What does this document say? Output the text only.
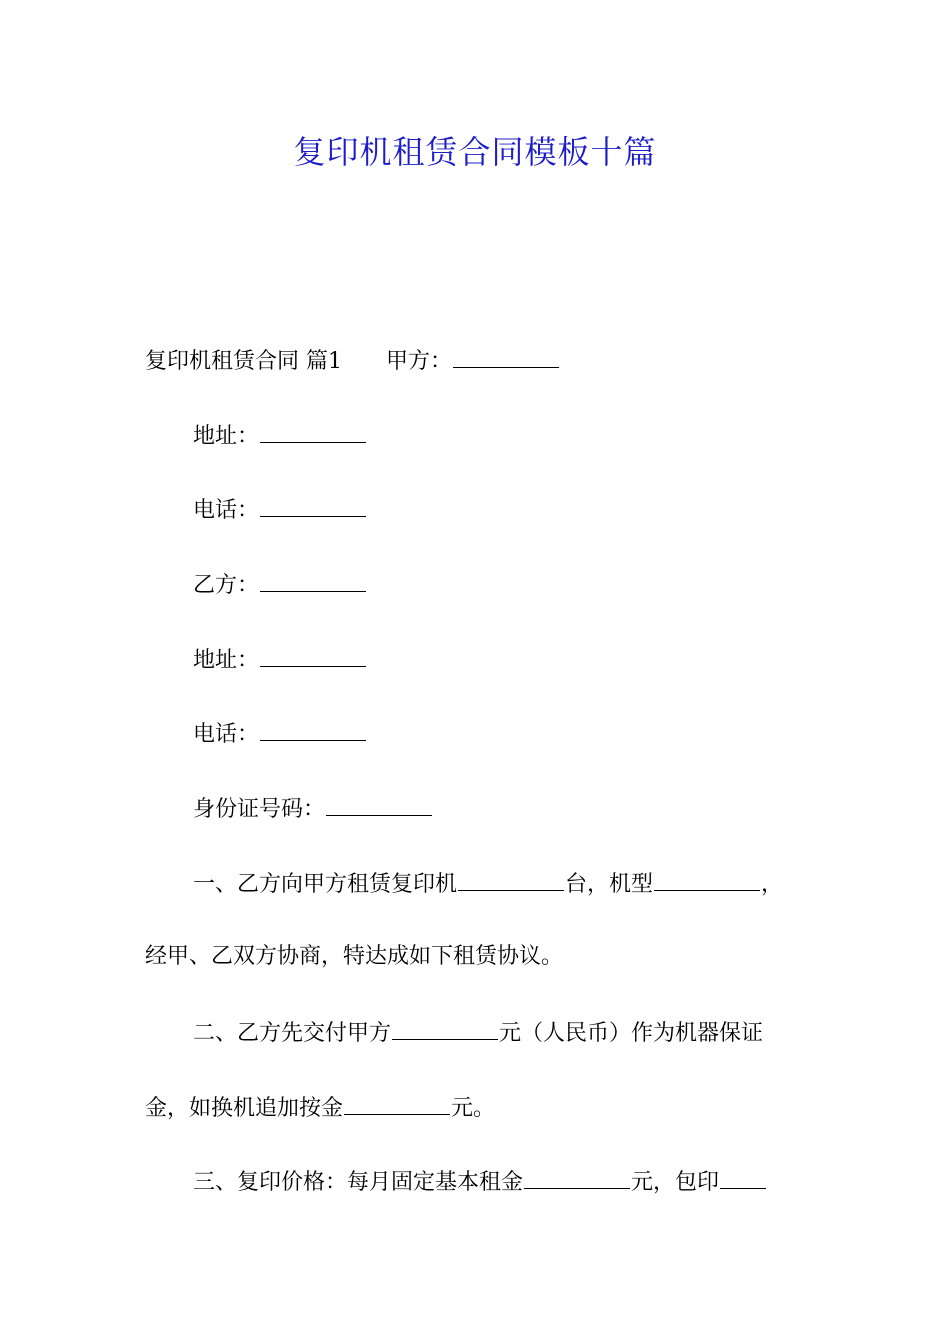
复印机租赁合同模板十篇
复印机租赁合同 篇1 甲方：
地址：
电话：
乙方：
地址：
电话：
身份证号码：
一、乙方向甲方租赁复印机	台，机型	，
经甲、乙双方协商，特达成如下租赁协议。
二、乙方先交付甲方	元（人民币）作为机器保证
金，如换机追加按金	元。
三、复印价格：每月固定基本租金	元，包印
